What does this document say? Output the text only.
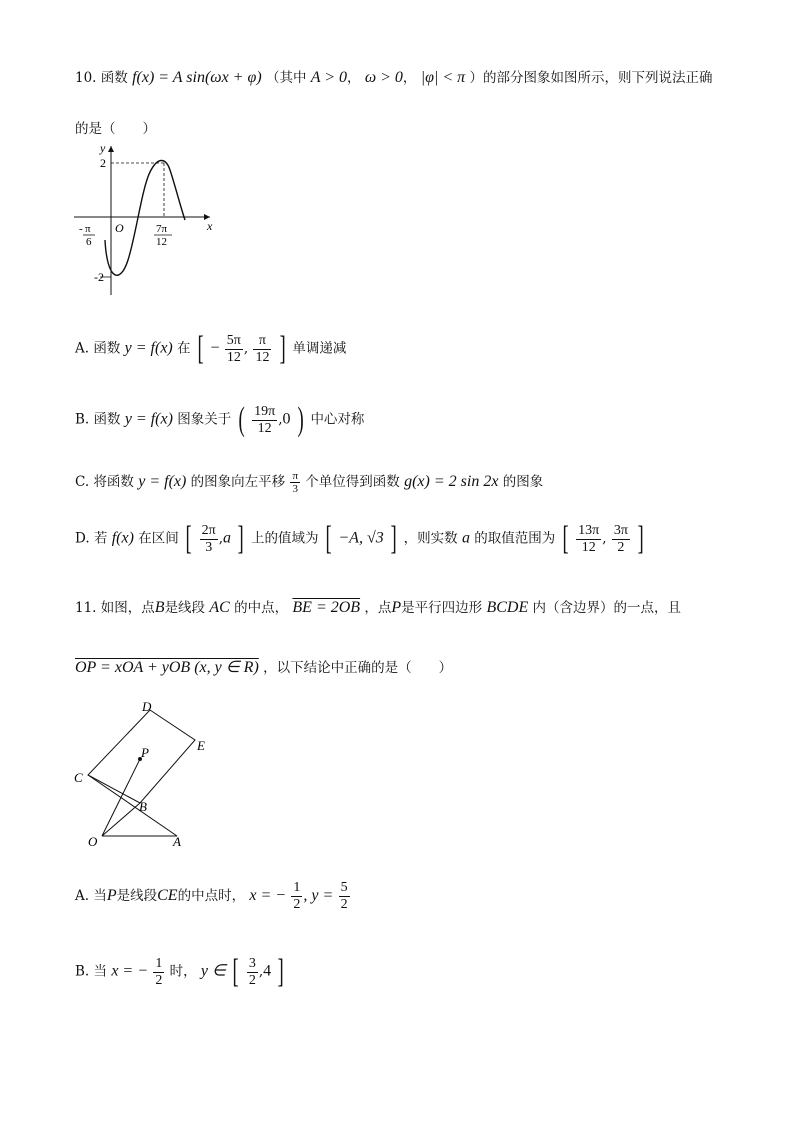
10. 函数 f(x) = A sin(ωx + φ) （其中 A > 0， ω > 0， |φ| < π ）的部分图象如图所示，则下列说法正确
的是（　　）
y
x
O
2
-2
- π
6
7π
12
A. 函数 y = f(x) 在 [ − $\frac{5\pi}{12}$ , $\frac{\pi}{12}$ ] 单调递减
B. 函数 y = f(x) 图象关于 ( $\frac{19\pi}{12} ,0$ ) 中心对称
C. 将函数 y = f(x) 的图象向左平移 $\frac{\pi}{3}$ 个单位得到函数 g(x) = 2 sin 2x 的图象
D. 若 f(x) 在区间 [ $\frac{2\pi}{3} ,a$ ] 上的值域为 [ −A, √3 ] ，则实数 a 的取值范围为 [ $\frac{13\pi}{12}$ , $\frac{3\pi}{2}$ ]
11. 如图，点B是线段 AC 的中点， BE = 2OB ，点P是平行四边形 BCDE 内（含边界）的一点，且
OP = xOA + yOB (x, y ∈ R) ，以下结论中正确的是（　　）
D
E
P
C
B
O	A
A. 当P是线段CE的中点时， x = − $\frac{1}{2}$ , $y = \frac{5}{2}$
B. 当 x = − $\frac{1}{2}$ 时， y ∈ [ $\frac{3}{2} ,4$ ]
